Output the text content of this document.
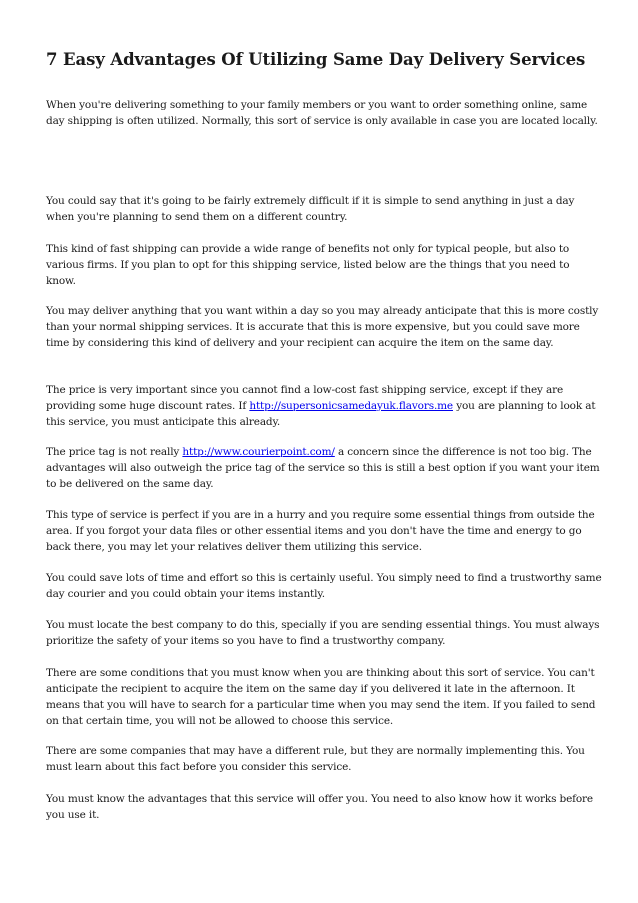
7 Easy Advantages Of Utilizing Same Day Delivery Services

When you're delivering something to your family members or you want to order something online, same day shipping is often utilized. Normally, this sort of service is only available in case you are located locally.

You could say that it's going to be fairly extremely difficult if it is simple to send anything in just a day when you're planning to send them on a different country.

This kind of fast shipping can provide a wide range of benefits not only for typical people, but also to various firms. If you plan to opt for this shipping service, listed below are the things that you need to know.

You may deliver anything that you want within a day so you may already anticipate that this is more costly than your normal shipping services. It is accurate that this is more expensive, but you could save more time by considering this kind of delivery and your recipient can acquire the item on the same day.

The price is very important since you cannot find a low-cost fast shipping service, except if they are providing some huge discount rates. If http://supersonicsamedayuk.flavors.me you are planning to look at this service, you must anticipate this already.

The price tag is not really http://www.courierpoint.com/ a concern since the difference is not too big. The advantages will also outweigh the price tag of the service so this is still a best option if you want your item to be delivered on the same day.

This type of service is perfect if you are in a hurry and you require some essential things from outside the area. If you forgot your data files or other essential items and you don't have the time and energy to go back there, you may let your relatives deliver them utilizing this service.

You could save lots of time and effort so this is certainly useful. You simply need to find a trustworthy same day courier and you could obtain your items instantly.

You must locate the best company to do this, specially if you are sending essential things. You must always prioritize the safety of your items so you have to find a trustworthy company.

There are some conditions that you must know when you are thinking about this sort of service. You can't anticipate the recipient to acquire the item on the same day if you delivered it late in the afternoon. It means that you will have to search for a particular time when you may send the item. If you failed to send on that certain time, you will not be allowed to choose this service.

There are some companies that may have a different rule, but they are normally implementing this. You must learn about this fact before you consider this service.

You must know the advantages that this service will offer you. You need to also know how it works before you use it.
